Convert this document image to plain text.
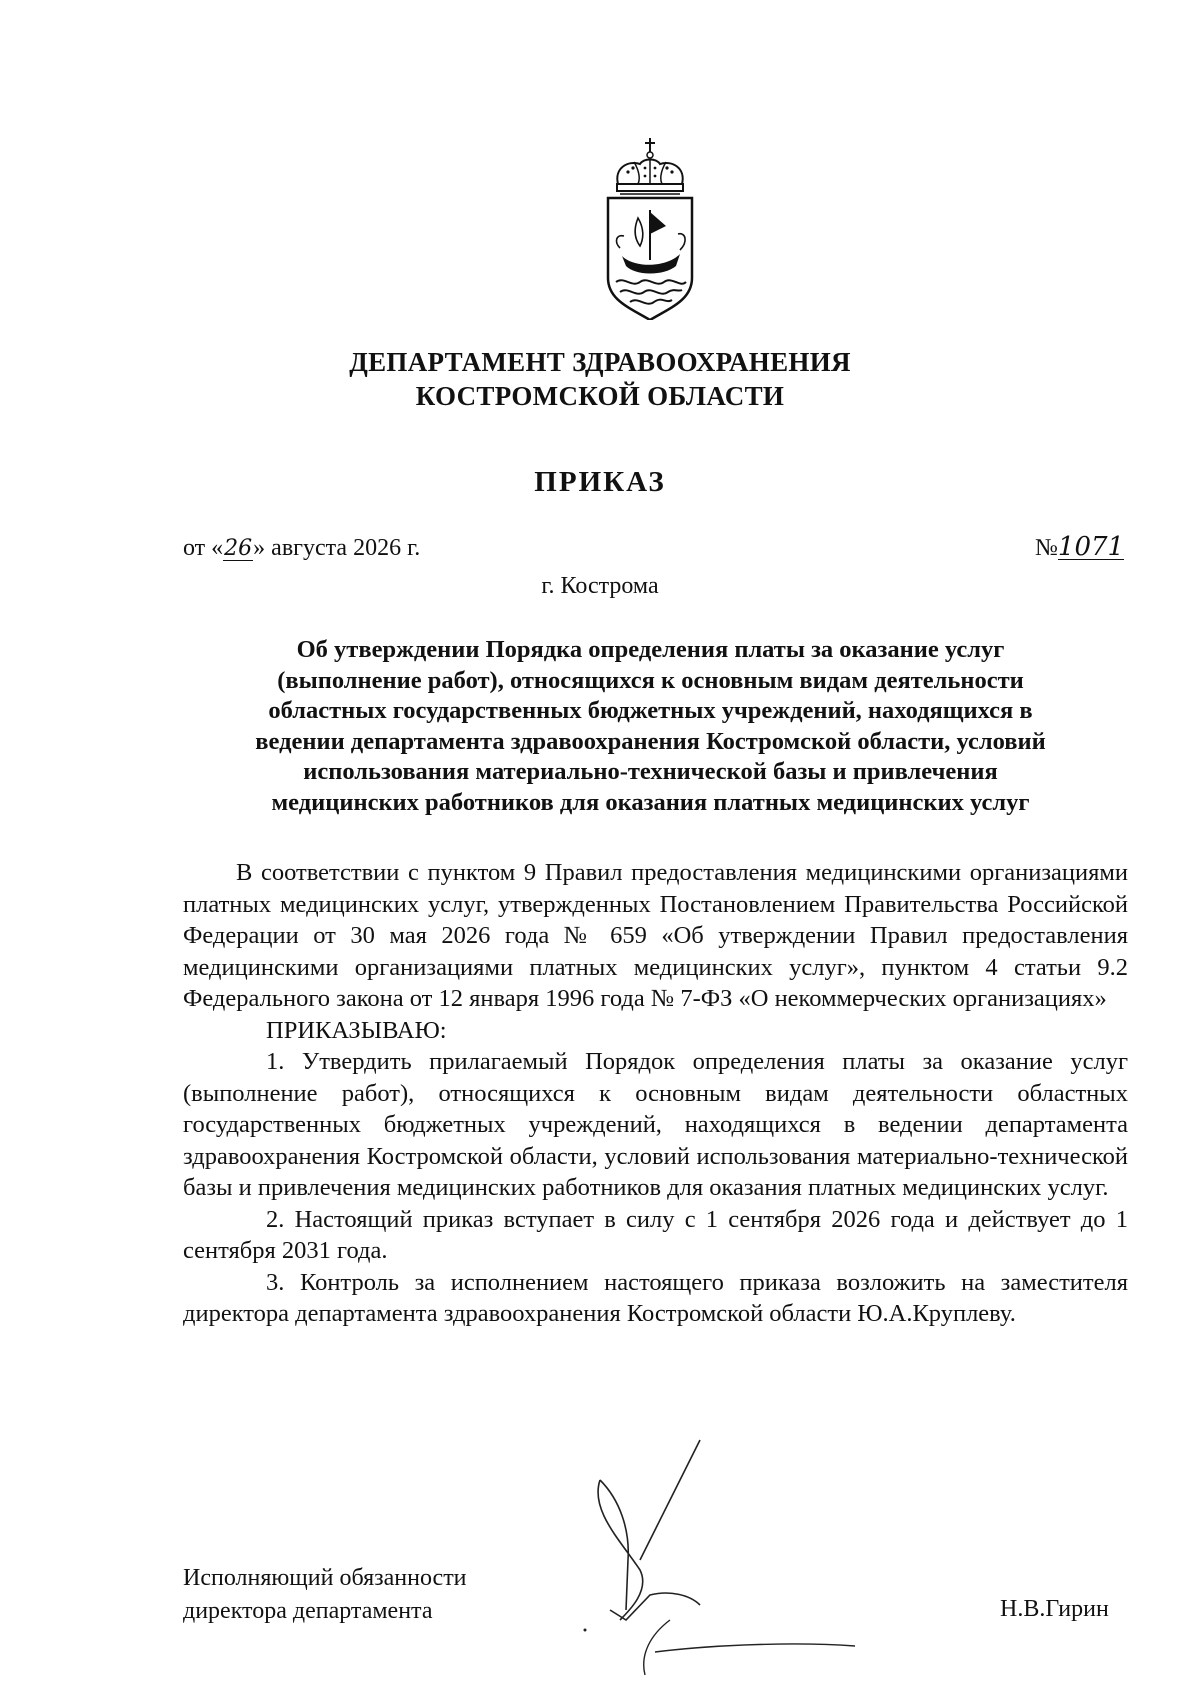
ДЕПАРТАМЕНТ ЗДРАВООХРАНЕНИЯ
КОСТРОМСКОЙ ОБЛАСТИ
ПРИКАЗ
от «26» августа 2026 г.	№1071
г. Кострома
Об утверждении Порядка определения платы за оказание услуг
(выполнение работ), относящихся к основным видам деятельности
областных государственных бюджетных учреждений, находящихся в
ведении департамента здравоохранения Костромской области, условий
использования материально-технической базы и привлечения
медицинских работников для оказания платных медицинских услуг

В соответствии с пунктом 9 Правил предоставления медицинскими организациями платных медицинских услуг, утвержденных Постановлением Правительства Российской Федерации от 30 мая 2026 года № 659 «Об утверждении Правил предоставления медицинскими организациями платных медицинских услуг», пунктом 4 статьи 9.2 Федерального закона от 12 января 1996 года № 7-ФЗ «О некоммерческих организациях»

ПРИКАЗЫВАЮ:

1. Утвердить прилагаемый Порядок определения платы за оказание услуг (выполнение работ), относящихся к основным видам деятельности областных государственных бюджетных учреждений, находящихся в ведении департамента здравоохранения Костромской области, условий использования материально-технической базы и привлечения медицинских работников для оказания платных медицинских услуг.

2. Настоящий приказ вступает в силу с 1 сентября 2026 года и действует до 1 сентября 2031 года.

3. Контроль за исполнением настоящего приказа возложить на заместителя директора департамента здравоохранения Костромской области Ю.А.Круплеву.

Исполняющий обязанности
директора департамента	Н.В.Гирин
